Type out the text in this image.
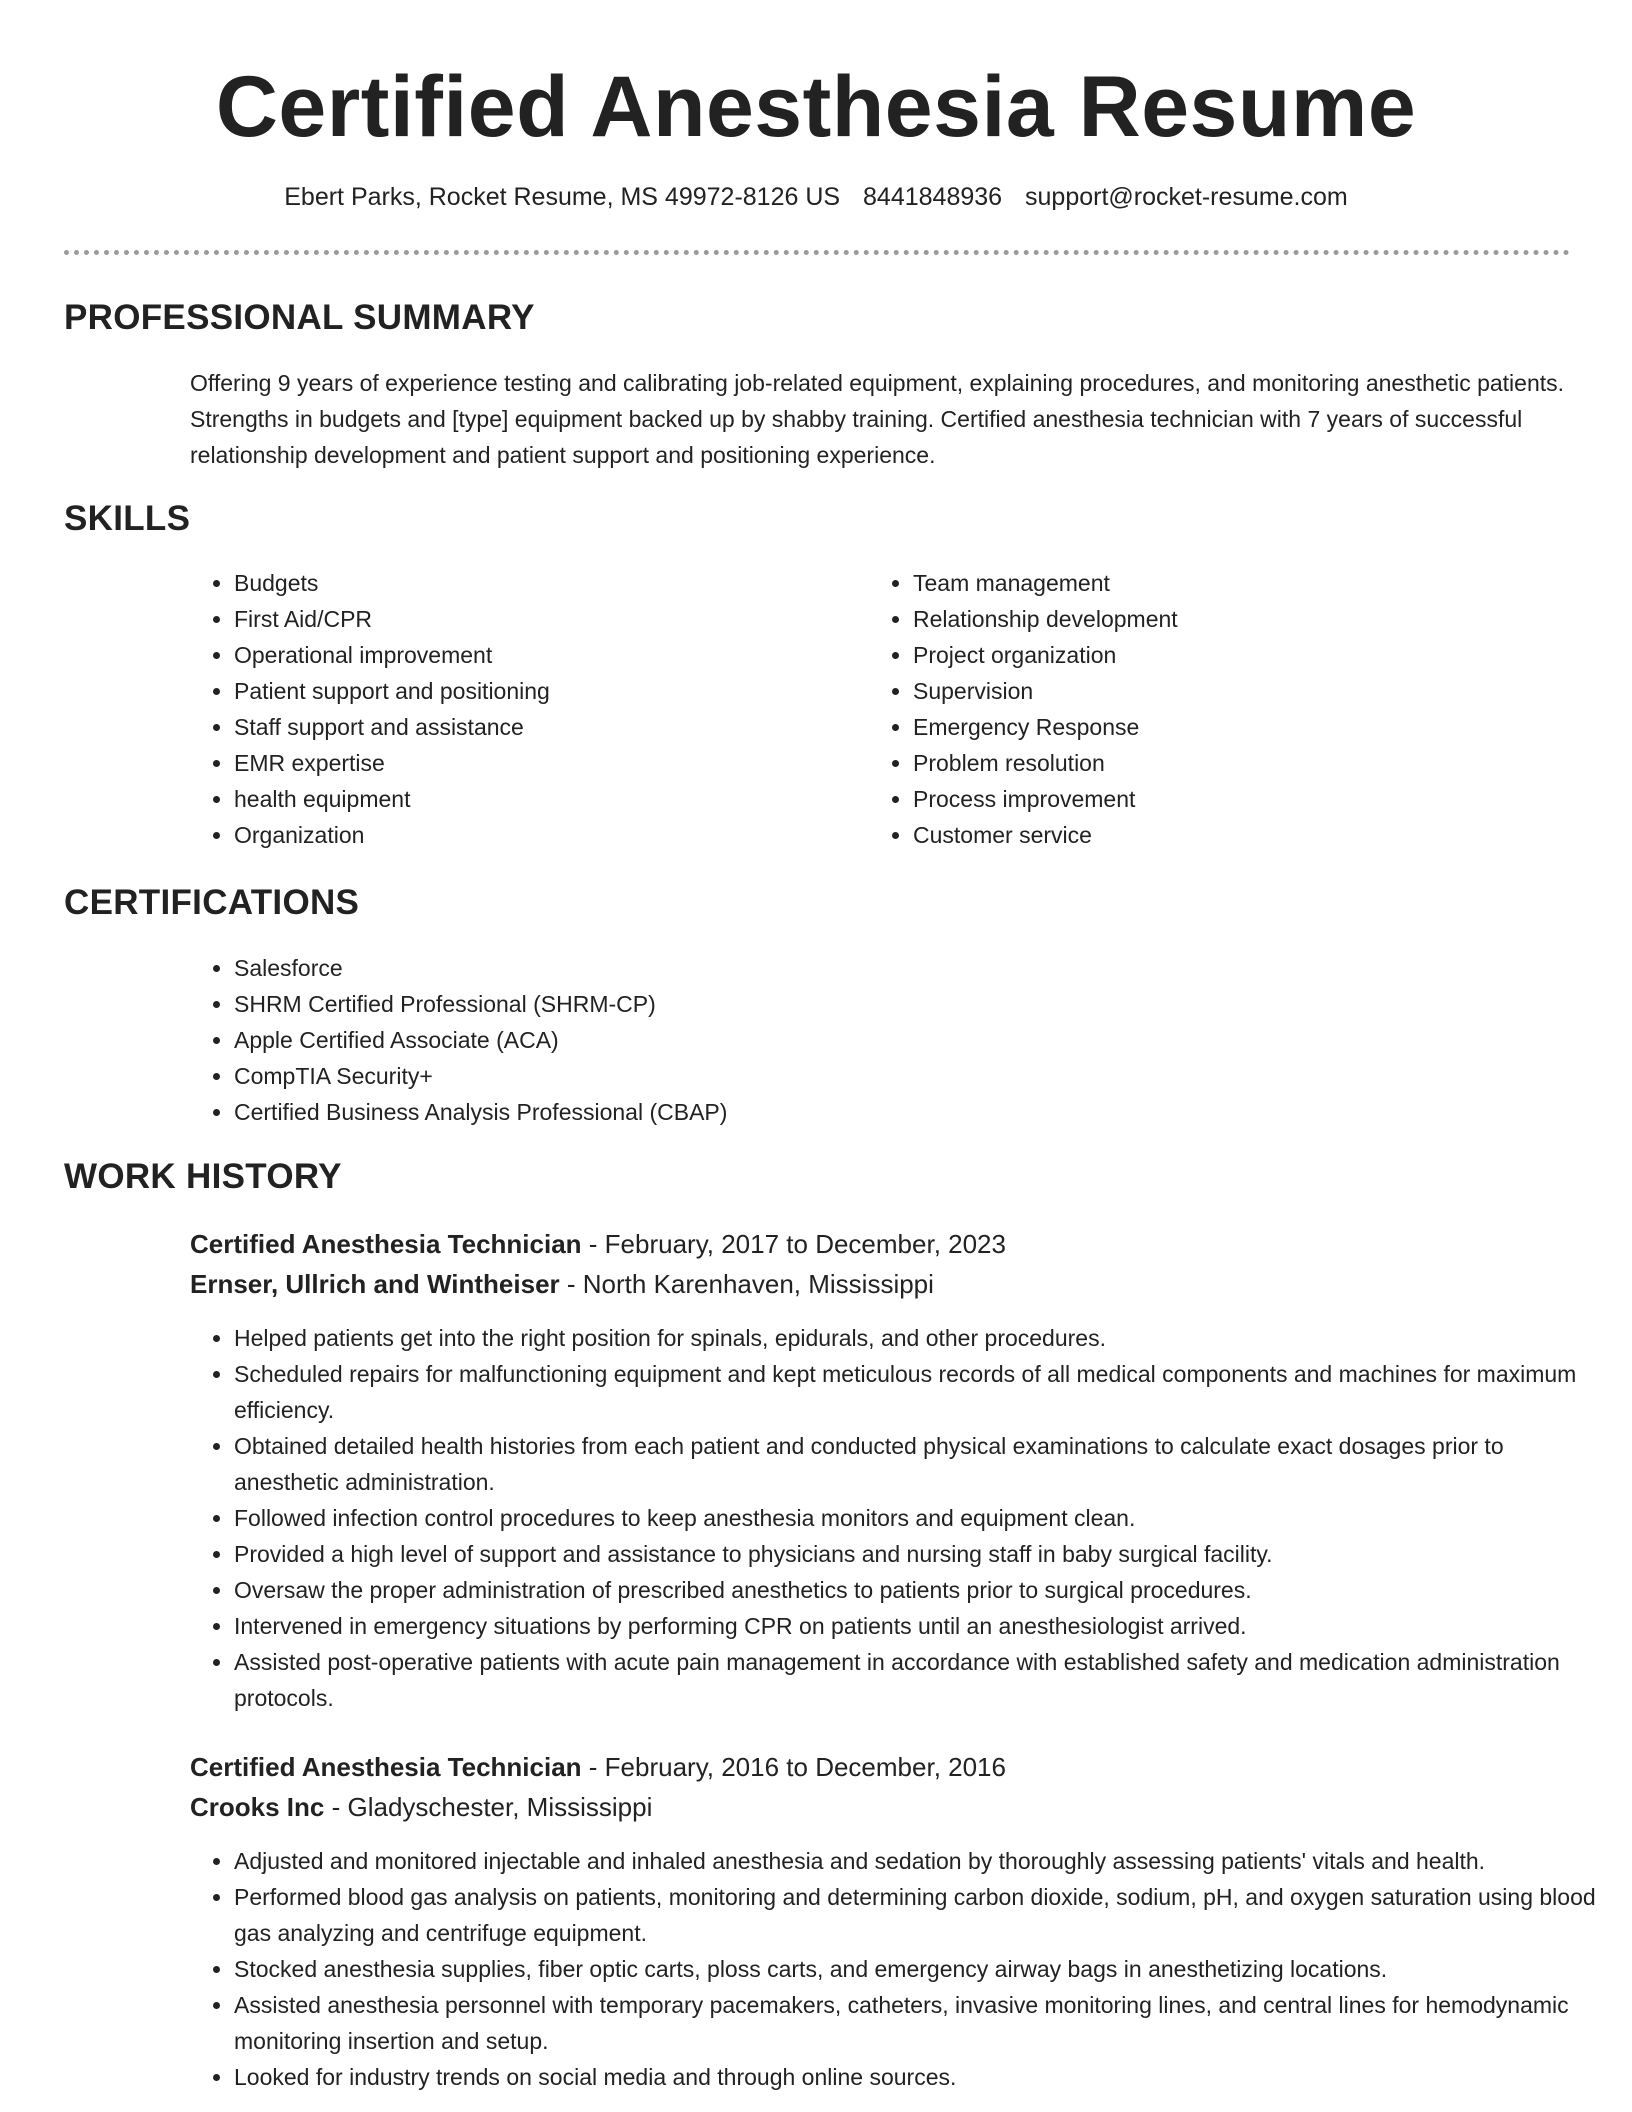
Certified Anesthesia Resume
Ebert Parks, Rocket Resume, MS 49972-8126 US 8441848936 support@rocket-resume.com
PROFESSIONAL SUMMARY

Offering 9 years of experience testing and calibrating job-related equipment, explaining procedures, and monitoring anesthetic patients. Strengths in budgets and [type] equipment backed up by shabby training. Certified anesthesia technician with 7 years of successful relationship development and patient support and positioning experience.

SKILLS
• Budgets
• First Aid/CPR
• Operational improvement
• Patient support and positioning
• Staff support and assistance
• EMR expertise
• health equipment
• Organization
• Team management
• Relationship development
• Project organization
• Supervision
• Emergency Response
• Problem resolution
• Process improvement
• Customer service
CERTIFICATIONS
• Salesforce
• SHRM Certified Professional (SHRM-CP)
• Apple Certified Associate (ACA)
• CompTIA Security+
• Certified Business Analysis Professional (CBAP)
WORK HISTORY
Certified Anesthesia Technician - February, 2017 to December, 2023
Ernser, Ullrich and Wintheiser - North Karenhaven, Mississippi
• Helped patients get into the right position for spinals, epidurals, and other procedures.
• Scheduled repairs for malfunctioning equipment and kept meticulous records of all medical components and machines for maximum efficiency.
• Obtained detailed health histories from each patient and conducted physical examinations to calculate exact dosages prior to anesthetic administration.
• Followed infection control procedures to keep anesthesia monitors and equipment clean.
• Provided a high level of support and assistance to physicians and nursing staff in baby surgical facility.
• Oversaw the proper administration of prescribed anesthetics to patients prior to surgical procedures.
• Intervened in emergency situations by performing CPR on patients until an anesthesiologist arrived.
• Assisted post-operative patients with acute pain management in accordance with established safety and medication administration protocols.
Certified Anesthesia Technician - February, 2016 to December, 2016
Crooks Inc - Gladyschester, Mississippi
• Adjusted and monitored injectable and inhaled anesthesia and sedation by thoroughly assessing patients' vitals and health.
• Performed blood gas analysis on patients, monitoring and determining carbon dioxide, sodium, pH, and oxygen saturation using blood gas analyzing and centrifuge equipment.
• Stocked anesthesia supplies, fiber optic carts, ploss carts, and emergency airway bags in anesthetizing locations.
• Assisted anesthesia personnel with temporary pacemakers, catheters, invasive monitoring lines, and central lines for hemodynamic monitoring insertion and setup.
• Looked for industry trends on social media and through online sources.
